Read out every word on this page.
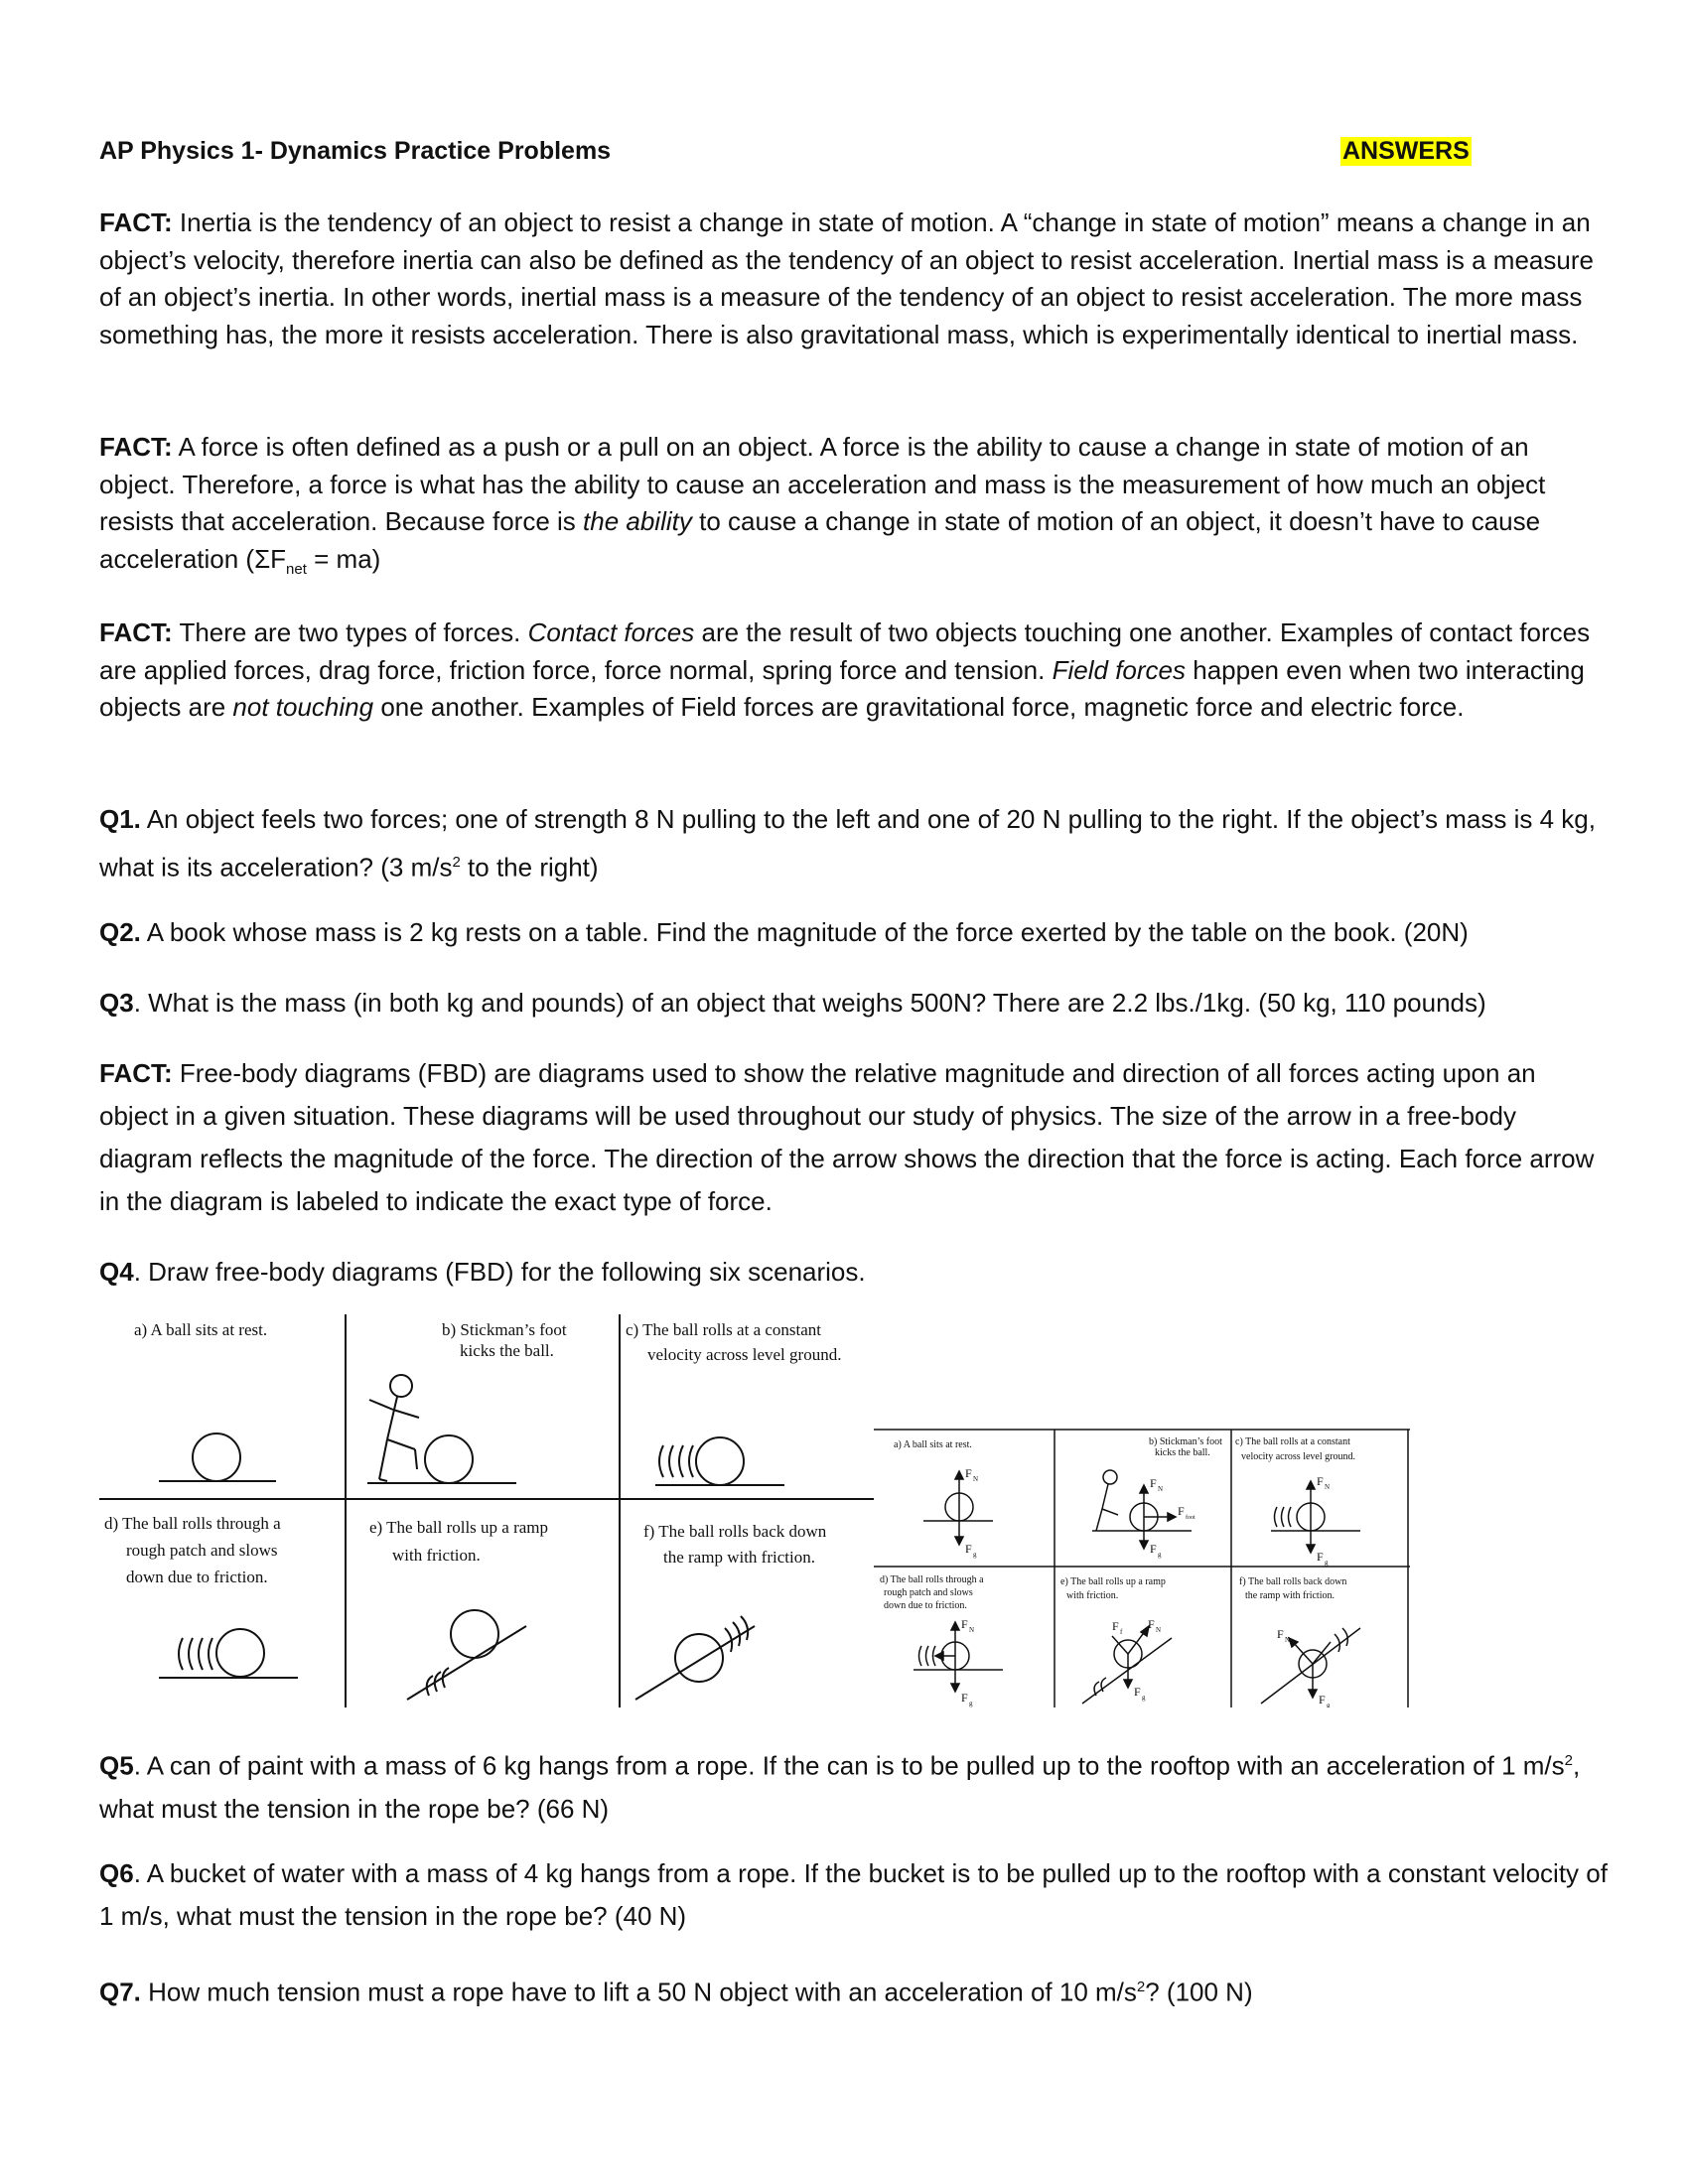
AP Physics 1- Dynamics Practice Problems	ANSWERS
FACT: Inertia is the tendency of an object to resist a change in state of motion. A “change in state of motion” means a change in an object’s velocity, therefore inertia can also be defined as the tendency of an object to resist acceleration. Inertial mass is a measure of an object’s inertia. In other words, inertial mass is a measure of the tendency of an object to resist acceleration. The more mass something has, the more it resists acceleration. There is also gravitational mass, which is experimentally identical to inertial mass.
FACT: A force is often defined as a push or a pull on an object. A force is the ability to cause a change in state of motion of an object. Therefore, a force is what has the ability to cause an acceleration and mass is the measurement of how much an object resists that acceleration. Because force is the ability to cause a change in state of motion of an object, it doesn’t have to cause acceleration $(\Sigma F_{net} = ma)$
FACT: There are two types of forces. Contact forces are the result of two objects touching one another. Examples of contact forces are applied forces, drag force, friction force, force normal, spring force and tension. Field forces happen even when two interacting objects are not touching one another. Examples of Field forces are gravitational force, magnetic force and electric force.
Q1. An object feels two forces; one of strength 8 N pulling to the left and one of 20 N pulling to the right. If the object’s mass is 4 kg, what is its acceleration? (3 $m/s^2$ to the right)
Q2. A book whose mass is 2 kg rests on a table. Find the magnitude of the force exerted by the table on the book. (20N)
Q3. What is the mass (in both kg and pounds) of an object that weighs 500N? There are 2.2 lbs./1kg. (50 kg, 110 pounds)
FACT: Free-body diagrams (FBD) are diagrams used to show the relative magnitude and direction of all forces acting upon an object in a given situation. These diagrams will be used throughout our study of physics. The size of the arrow in a free-body diagram reflects the magnitude of the force. The direction of the arrow shows the direction that the force is acting. Each force arrow in the diagram is labeled to indicate the exact type of force.
Q4. Draw free-body diagrams (FBD) for the following six scenarios.
a) A ball sits at rest.	b) Stickman’s foot
kicks the ball.
c) The ball rolls at a constant
velocity across level ground.
d) The ball rolls through a
rough patch and slows
down due to friction.
e) The ball rolls up a ramp
with friction.
f) The ball rolls back down
the ramp with friction.
a) A ball sits at rest.	b) Stickman’s foot
kicks the ball.
c) The ball rolls at a constant
velocity across level ground.
d) The ball rolls through a
rough patch and slows
down due to friction.
e) The ball rolls up a ramp
with friction.
f) The ball rolls back down
the ramp with friction.
F N
F g
F N
F foot
F g
F N
F g
F N
F g
F f
F N
F g
F N
F g
Q5. A can of paint with a mass of 6 kg hangs from a rope. If the can is to be pulled up to the rooftop with an acceleration of 1 $m/s^2$, what must the tension in the rope be? (66 N)
Q6. A bucket of water with a mass of 4 kg hangs from a rope. If the bucket is to be pulled up to the rooftop with a constant velocity of 1 m/s, what must the tension in the rope be? (40 N)
Q7. How much tension must a rope have to lift a 50 N object with an acceleration of 10 $m/s^2$? (100 N)
